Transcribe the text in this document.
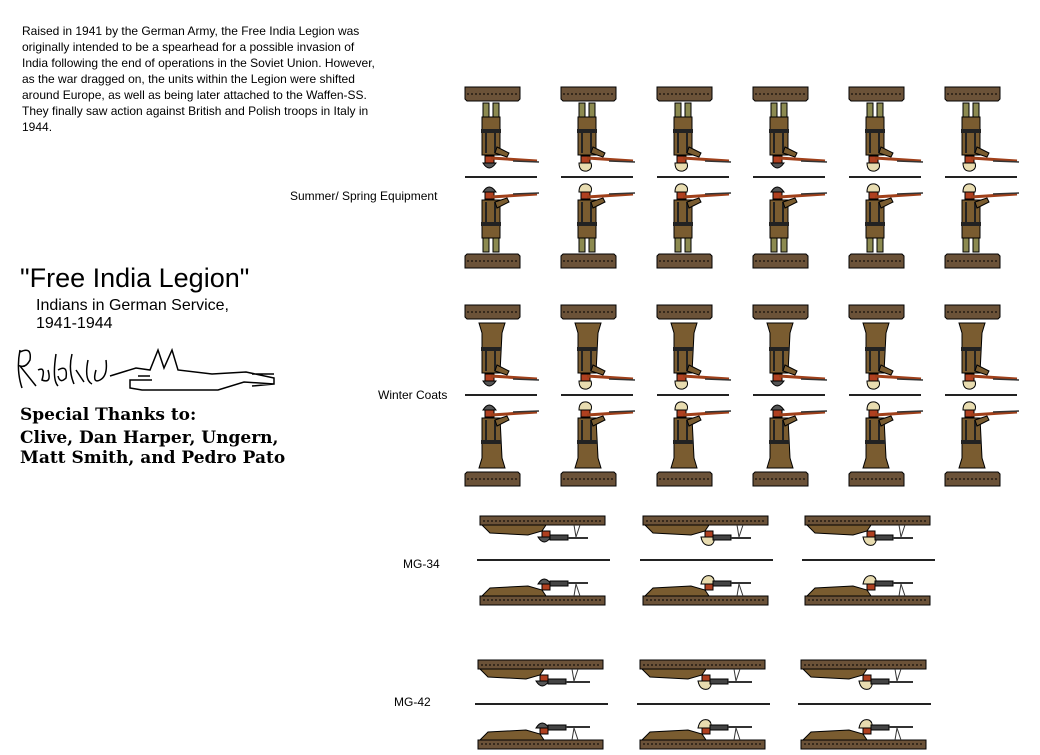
Raised in 1941 by the German Army, the Free India Legion was originally intended to be a spearhead for a possible invasion of India following the end of operations in the Soviet Union. However, as the war dragged on, the units within the Legion were shifted around Europe, as well as being later attached to the Waffen-SS. They finally saw action against British and Polish troops in Italy in 1944.
"Free India Legion"
Indians in German Service,
1941-1944
Special Thanks to:
Clive, Dan Harper, Ungern,
Matt Smith, and Pedro Pato
Summer/ Spring Equipment
Winter Coats
MG-34
MG-42
